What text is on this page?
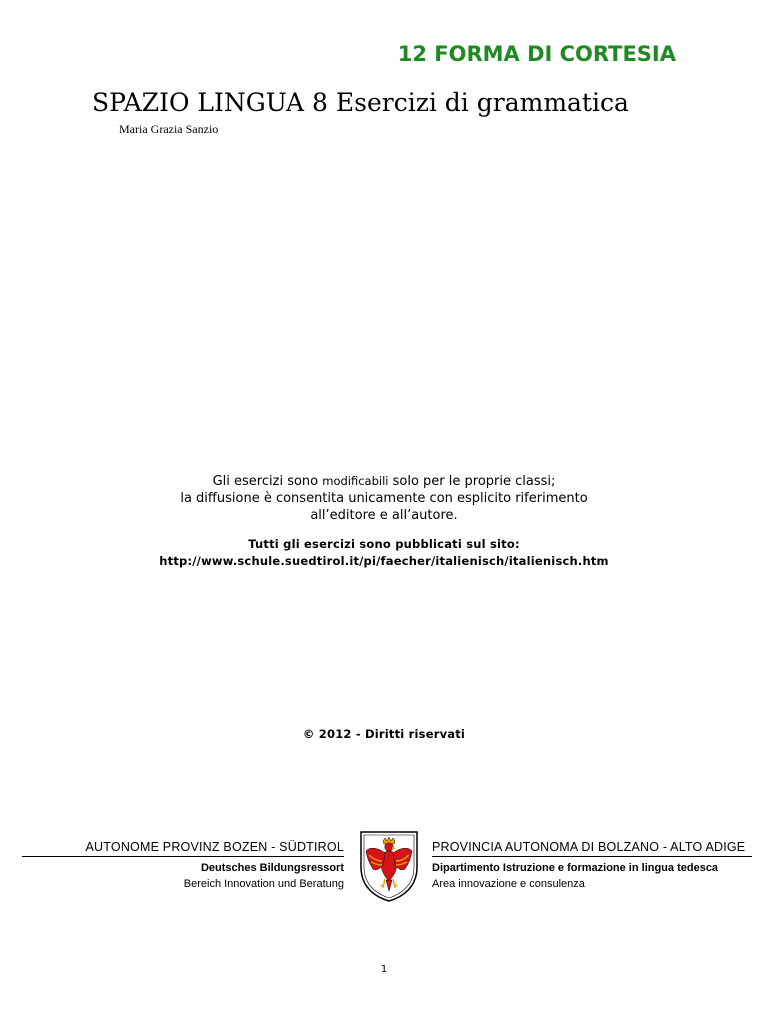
12 FORMA DI CORTESIA
SPAZIO LINGUA 8 Esercizi di grammatica
Maria Grazia Sanzio
Gli esercizi sono modificabili solo per le proprie classi;
la diffusione è consentita unicamente con esplicito riferimento
all’editore e all’autore.
Tutti gli esercizi sono pubblicati sul sito:
http://www.schule.suedtirol.it/pi/faecher/italienisch/italienisch.htm
© 2012 - Diritti riservati
AUTONOME PROVINZ BOZEN - SÜDTIROL
Deutsches Bildungsressort
Bereich Innovation und Beratung
PROVINCIA AUTONOMA DI BOLZANO - ALTO ADIGE
Dipartimento Istruzione e formazione in lingua tedesca
Area innovazione e consulenza
1
